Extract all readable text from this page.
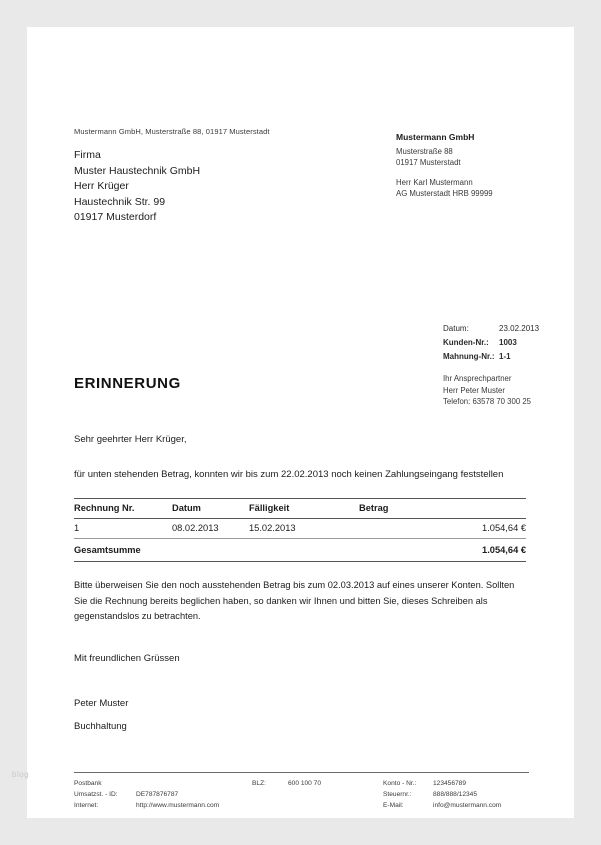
Mustermann GmbH, Musterstraße 88, 01917 Musterstadt
Firma
Muster Haustechnik GmbH
Herr Krüger
Haustechnik Str. 99
01917 Musterdorf
Mustermann GmbH
Musterstraße 88
01917 Musterstadt
Herr Karl Mustermann
AG Musterstadt HRB 99999
Datum:	23.02.2013
Kunden-Nr.:	1003
Mahnung-Nr.: 1-1
Ihr Ansprechpartner
Herr Peter Muster
Telefon: 63578 70 300 25
ERINNERUNG
Sehr geehrter Herr Krüger,
für unten stehenden Betrag, konnten wir bis zum 22.02.2013 noch keinen Zahlungseingang feststellen
Rechnung Nr.	Datum	Fälligkeit	Betrag
1	08.02.2013	15.02.2013	1.054,64 €
Gesamtsumme			1.054,64 €
Bitte überweisen Sie den noch ausstehenden Betrag bis zum 02.03.2013 auf eines unserer Konten. Sollten Sie die Rechnung bereits beglichen haben, so danken wir Ihnen und bitten Sie, dieses Schreiben als gegenstandslos zu betrachten.
Mit freundlichen Grüssen
Peter Muster
Buchhaltung
Postbank	BLZ:	600 100 70	Konto - Nr.:	123456789
Umsatzst. - ID:	DE787876787	Steuernr.:	888/888/12345
Internet:	http://www.mustermann.com	E-Mail:	info@mustermann.com
blog
